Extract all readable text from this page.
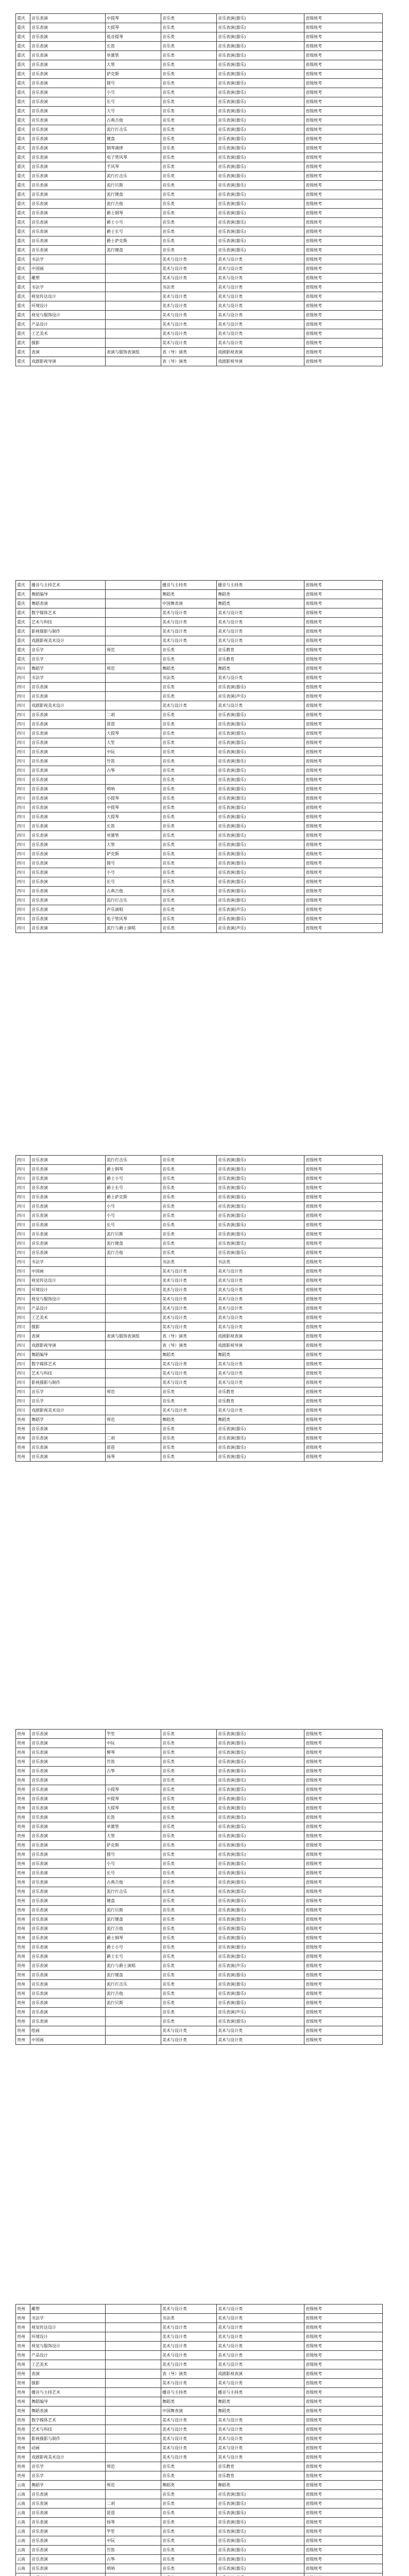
重庆	音乐表演	中提琴	音乐类	音乐表演(器乐)	省级统考
重庆	音乐表演	大提琴	音乐类	音乐表演(器乐)	省级统考
重庆	音乐表演	低音提琴	音乐类	音乐表演(器乐)	省级统考
重庆	音乐表演	长笛	音乐类	音乐表演(器乐)	省级统考
重庆	音乐表演	单簧管	音乐类	音乐表演(器乐)	省级统考
重庆	音乐表演	大管	音乐类	音乐表演(器乐)	省级统考
重庆	音乐表演	萨克斯	音乐类	音乐表演(器乐)	省级统考
重庆	音乐表演	圆号	音乐类	音乐表演(器乐)	省级统考
重庆	音乐表演	小号	音乐类	音乐表演(器乐)	省级统考
重庆	音乐表演	长号	音乐类	音乐表演(器乐)	省级统考
重庆	音乐表演	大号	音乐类	音乐表演(器乐)	省级统考
重庆	音乐表演	古典吉他	音乐类	音乐表演(器乐)	省级统考
重庆	音乐表演	流行打击乐	音乐类	音乐表演(器乐)	省级统考
重庆	音乐表演	键盘	音乐类	音乐表演(器乐)	省级统考
重庆	音乐表演	钢琴调律	音乐类	音乐表演(器乐)	省级统考
重庆	音乐表演	电子管风琴	音乐类	音乐表演(器乐)	省级统考
重庆	音乐表演	手风琴	音乐类	音乐表演(器乐)	省级统考
重庆	音乐表演	流行打击乐	音乐类	音乐表演(器乐)	省级统考
重庆	音乐表演	流行贝斯	音乐类	音乐表演(器乐)	省级统考
重庆	音乐表演	流行键盘	音乐类	音乐表演(器乐)	省级统考
重庆	音乐表演	流行吉他	音乐类	音乐表演(器乐)	省级统考
重庆	音乐表演	爵士钢琴	音乐类	音乐表演(器乐)	省级统考
重庆	音乐表演	爵士小号	音乐类	音乐表演(器乐)	省级统考
重庆	音乐表演	爵士长号	音乐类	音乐表演(器乐)	省级统考
重庆	音乐表演	爵士萨克斯	音乐类	音乐表演(器乐)	省级统考
重庆	音乐表演	流行键盘	音乐类	音乐表演(器乐)	省级统考
重庆	书法学		美术与设计类	美术与设计类	省级统考
重庆	中国画		美术与设计类	美术与设计类	省级统考
重庆	雕塑		美术与设计类	美术与设计类	省级统考
重庆	书法学		书法类	美术与设计类	省级统考
重庆	视觉传达设计		美术与设计类	美术与设计类	省级统考
重庆	环境设计		美术与设计类	美术与设计类	省级统考
重庆	视觉与服饰设计		美术与设计类	美术与设计类	省级统考
重庆	产品设计		美术与设计类	美术与设计类	省级统考
重庆	工艺美术		美术与设计类	美术与设计类	省级统考
重庆	摄影		美术与设计类	美术与设计类	省级统考
重庆	表演	表演与服饰表演组	表（导）演类	戏剧影视表演	省级统考
重庆	戏剧影视导演		表（导）演类	戏剧影视导演	省级统考
重庆	播音与主持艺术		播音与主持类	播音与主持类	省级统考
重庆	舞蹈编导		舞蹈类	舞蹈类	省级统考
重庆	舞蹈表演		中国舞表演	舞蹈类	省级统考
重庆	数字媒体艺术		美术与设计类	美术与设计类	省级统考
重庆	艺术与科技		美术与设计类	美术与设计类	省级统考
重庆	影视摄影与制作		美术与设计类	美术与设计类	省级统考
重庆	戏剧影视美术设计		美术与设计类	美术与设计类	省级统考
重庆	音乐学	师范	音乐类	音乐教育	省级统考
重庆	音乐学		音乐类	音乐教育	省级统考
四川	舞蹈学	师范	舞蹈类	舞蹈类	省级统考
四川	书法学		书法类	美术与设计类	省级统考
四川	音乐表演		音乐类	音乐表演(器乐)	省级统考
四川	音乐表演		音乐类	音乐表演(声乐)	省级统考
四川	戏剧影视美术设计		美术与设计类	美术与设计类	省级统考
四川	音乐表演	二胡	音乐类	音乐表演(器乐)	省级统考
四川	音乐表演	琵琶	音乐类	音乐表演(器乐)	省级统考
四川	音乐表演	大提琴	音乐类	音乐表演(器乐)	省级统考
四川	音乐表演	大笙	音乐类	音乐表演(器乐)	省级统考
四川	音乐表演	中阮	音乐类	音乐表演(器乐)	省级统考
四川	音乐表演	竹笛	音乐类	音乐表演(器乐)	省级统考
四川	音乐表演	古筝	音乐类	音乐表演(器乐)	省级统考
四川	音乐表演		音乐类	音乐表演(器乐)	省级统考
四川	音乐表演	唢呐	音乐类	音乐表演(器乐)	省级统考
四川	音乐表演	小提琴	音乐类	音乐表演(器乐)	省级统考
四川	音乐表演	中提琴	音乐类	音乐表演(器乐)	省级统考
四川	音乐表演	大提琴	音乐类	音乐表演(器乐)	省级统考
四川	音乐表演	长笛	音乐类	音乐表演(器乐)	省级统考
四川	音乐表演	单簧管	音乐类	音乐表演(器乐)	省级统考
四川	音乐表演	大管	音乐类	音乐表演(器乐)	省级统考
四川	音乐表演	萨克斯	音乐类	音乐表演(器乐)	省级统考
四川	音乐表演	圆号	音乐类	音乐表演(器乐)	省级统考
四川	音乐表演	小号	音乐类	音乐表演(器乐)	省级统考
四川	音乐表演	长号	音乐类	音乐表演(器乐)	省级统考
四川	音乐表演	古典吉他	音乐类	音乐表演(器乐)	省级统考
四川	音乐表演	流行打击乐	音乐类	音乐表演(器乐)	省级统考
四川	音乐表演	声乐演唱	音乐类	音乐表演(声乐)	省级统考
四川	音乐表演	电子管风琴	音乐类	音乐表演(器乐)	省级统考
四川	音乐表演	流行与爵士演唱	音乐类	音乐表演(声乐)	省级统考
四川	音乐表演	流行打击乐	音乐类	音乐表演(器乐)	省级统考
四川	音乐表演	爵士钢琴	音乐类	音乐表演(器乐)	省级统考
四川	音乐表演	爵士小号	音乐类	音乐表演(器乐)	省级统考
四川	音乐表演	爵士长号	音乐类	音乐表演(器乐)	省级统考
四川	音乐表演	爵士萨克斯	音乐类	音乐表演(器乐)	省级统考
四川	音乐表演	小号	音乐类	音乐表演(器乐)	省级统考
四川	音乐表演	小号	音乐类	音乐表演(器乐)	省级统考
四川	音乐表演	长号	音乐类	音乐表演(器乐)	省级统考
四川	音乐表演	流行贝斯	音乐类	音乐表演(器乐)	省级统考
四川	音乐表演	流行键盘	音乐类	音乐表演(器乐)	省级统考
四川	音乐表演	流行吉他	音乐类	音乐表演(器乐)	省级统考
四川	书法学		书法类	书法类	省级统考
四川	中国画		美术与设计类	美术与设计类	省级统考
四川	视觉传达设计		美术与设计类	美术与设计类	省级统考
四川	环境设计		美术与设计类	美术与设计类	省级统考
四川	视觉与服饰设计		美术与设计类	美术与设计类	省级统考
四川	产品设计		美术与设计类	美术与设计类	省级统考
四川	工艺美术		美术与设计类	美术与设计类	省级统考
四川	摄影		美术与设计类	美术与设计类	省级统考
四川	表演	表演与服饰表演组	表（导）演类	戏剧影视表演	省级统考
四川	戏剧影视导演		表（导）演类	戏剧影视导演	省级统考
四川	舞蹈编导		舞蹈类	舞蹈类	省级统考
四川	数字媒体艺术		美术与设计类	美术与设计类	省级统考
四川	艺术与科技		美术与设计类	美术与设计类	省级统考
四川	影视摄影与制作		美术与设计类	美术与设计类	省级统考
四川	音乐学	师范	音乐类	音乐教育	省级统考
四川	音乐学		音乐类	音乐教育	省级统考
四川	戏剧影视美术设计		美术与设计类	美术与设计类	省级统考
贵州	舞蹈学	师范	舞蹈类	舞蹈类	省级统考
贵州	音乐表演		音乐类	音乐表演(器乐)	省级统考
贵州	音乐表演	二胡	音乐类	音乐表演(器乐)	省级统考
贵州	音乐表演	琵琶	音乐类	音乐表演(器乐)	省级统考
贵州	音乐表演	扬琴	音乐类	音乐表演(器乐)	省级统考
贵州	音乐表演	竽笙	音乐类	音乐表演(器乐)	省级统考
贵州	音乐表演	中阮	音乐类	音乐表演(器乐)	省级统考
贵州	音乐表演	柳琴	音乐类	音乐表演(器乐)	省级统考
贵州	音乐表演	竹笛	音乐类	音乐表演(器乐)	省级统考
贵州	音乐表演	古筝	音乐类	音乐表演(器乐)	省级统考
贵州	音乐表演		音乐类	音乐表演(器乐)	省级统考
贵州	音乐表演	小提琴	音乐类	音乐表演(器乐)	省级统考
贵州	音乐表演	中提琴	音乐类	音乐表演(器乐)	省级统考
贵州	音乐表演	大提琴	音乐类	音乐表演(器乐)	省级统考
贵州	音乐表演	长笛	音乐类	音乐表演(器乐)	省级统考
贵州	音乐表演	单簧管	音乐类	音乐表演(器乐)	省级统考
贵州	音乐表演	大管	音乐类	音乐表演(器乐)	省级统考
贵州	音乐表演	萨克斯	音乐类	音乐表演(器乐)	省级统考
贵州	音乐表演	圆号	音乐类	音乐表演(器乐)	省级统考
贵州	音乐表演	小号	音乐类	音乐表演(器乐)	省级统考
贵州	音乐表演	长号	音乐类	音乐表演(器乐)	省级统考
贵州	音乐表演	古典吉他	音乐类	音乐表演(器乐)	省级统考
贵州	音乐表演	流行打击乐	音乐类	音乐表演(器乐)	省级统考
贵州	音乐表演	键盘	音乐类	音乐表演(器乐)	省级统考
贵州	音乐表演	流行贝斯	音乐类	音乐表演(器乐)	省级统考
贵州	音乐表演	流行键盘	音乐类	音乐表演(器乐)	省级统考
贵州	音乐表演	流行吉他	音乐类	音乐表演(器乐)	省级统考
贵州	音乐表演	爵士钢琴	音乐类	音乐表演(器乐)	省级统考
贵州	音乐表演	爵士小号	音乐类	音乐表演(器乐)	省级统考
贵州	音乐表演	爵士长号	音乐类	音乐表演(器乐)	省级统考
贵州	音乐表演	流行与爵士演唱	音乐类	音乐表演(声乐)	省级统考
贵州	音乐表演	流行键盘	音乐类	音乐表演(器乐)	省级统考
贵州	音乐表演	流行打击乐	音乐类	音乐表演(器乐)	省级统考
贵州	音乐表演	流行吉他	音乐类	音乐表演(器乐)	省级统考
贵州	音乐表演	流行贝斯	音乐类	音乐表演(器乐)	省级统考
贵州	音乐表演		音乐类	音乐表演(声乐)	省级统考
贵州	音乐表演		音乐类	音乐表演(器乐)	省级统考
贵州	绘画		美术与设计类	美术与设计类	省级统考
贵州	中国画		美术与设计类	美术与设计类	省级统考
贵州	雕塑		美术与设计类	美术与设计类	省级统考
贵州	书法学		书法类	美术与设计类	省级统考
贵州	视觉传达设计		美术与设计类	美术与设计类	省级统考
贵州	环境设计		美术与设计类	美术与设计类	省级统考
贵州	视觉与服饰设计		美术与设计类	美术与设计类	省级统考
贵州	产品设计		美术与设计类	美术与设计类	省级统考
贵州	工艺美术		美术与设计类	美术与设计类	省级统考
贵州	表演		表（导）演类	戏剧影视表演	省级统考
贵州	摄影		美术与设计类	美术与设计类	省级统考
贵州	播音与主持艺术		播音与主持类	播音与主持类	省级统考
贵州	舞蹈编导		舞蹈类	舞蹈类	省级统考
贵州	舞蹈表演		中国舞表演	舞蹈类	省级统考
贵州	数字媒体艺术		美术与设计类	美术与设计类	省级统考
贵州	艺术与科技		美术与设计类	美术与设计类	省级统考
贵州	影视摄影与制作		美术与设计类	美术与设计类	省级统考
贵州	动画		美术与设计类	美术与设计类	省级统考
贵州	戏剧影视美术设计		美术与设计类	美术与设计类	省级统考
贵州	音乐学	师范	音乐类	音乐教育	省级统考
贵州	音乐学		音乐类	音乐教育	省级统考
云南	舞蹈学	师范	舞蹈类	舞蹈类	省级统考
云南	音乐表演		音乐类	音乐表演(器乐)	省级统考
云南	音乐表演	二胡	音乐类	音乐表演(器乐)	省级统考
云南	音乐表演	琵琶	音乐类	音乐表演(器乐)	省级统考
云南	音乐表演	扬琴	音乐类	音乐表演(器乐)	省级统考
云南	音乐表演	竽笙	音乐类	音乐表演(器乐)	省级统考
云南	音乐表演	中阮	音乐类	音乐表演(器乐)	省级统考
云南	音乐表演	竹笛	音乐类	音乐表演(器乐)	省级统考
云南	音乐表演	古筝	音乐类	音乐表演(器乐)	省级统考
云南	音乐表演	唢呐	音乐类	音乐表演(器乐)	省级统考
